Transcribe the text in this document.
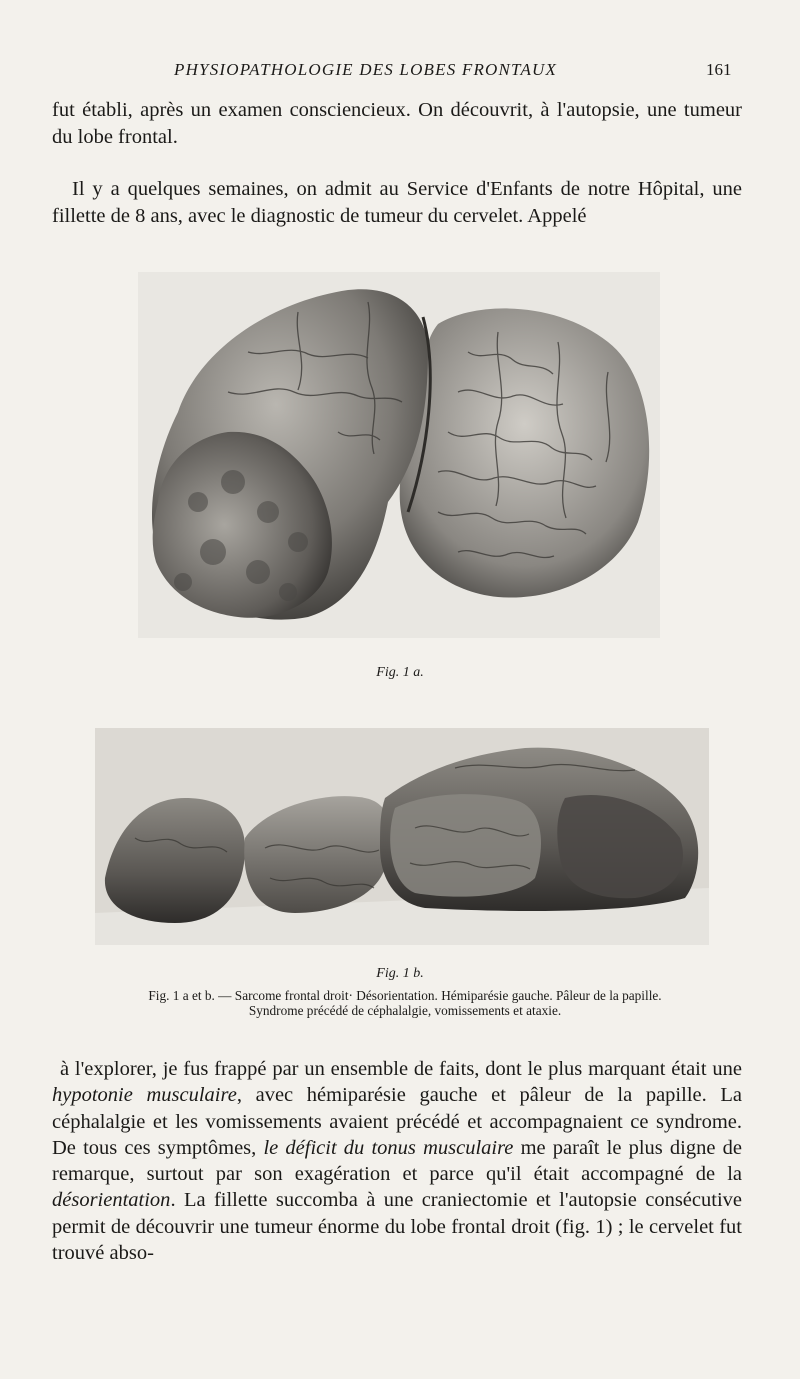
PHYSIOPATHOLOGIE DES LOBES FRONTAUX	161
fut établi, après un examen consciencieux. On découvrit, à l'autopsie, une tumeur du lobe frontal.
Il y a quelques semaines, on admit au Service d'Enfants de notre Hôpital, une fillette de 8 ans, avec le diagnostic de tumeur du cervelet. Appelé
Fig. 1 a.
Fig. 1 b.
Fig. 1 a et b. — Sarcome frontal droit· Désorientation. Hémiparésie gauche. Pâleur de la papille.
Syndrome précédé de céphalalgie, vomissements et ataxie.
à l'explorer, je fus frappé par un ensemble de faits, dont le plus marquant était une hypotonie musculaire, avec hémiparésie gauche et pâleur de la papille. La céphalalgie et les vomissements avaient précédé et accompagnaient ce syndrome. De tous ces symptômes, le déficit du tonus musculaire me paraît le plus digne de remarque, surtout par son exagération et parce qu'il était accompagné de la désorientation. La fillette succomba à une craniectomie et l'autopsie consécutive permit de découvrir une tumeur énorme du lobe frontal droit (fig. 1) ; le cervelet fut trouvé abso-
